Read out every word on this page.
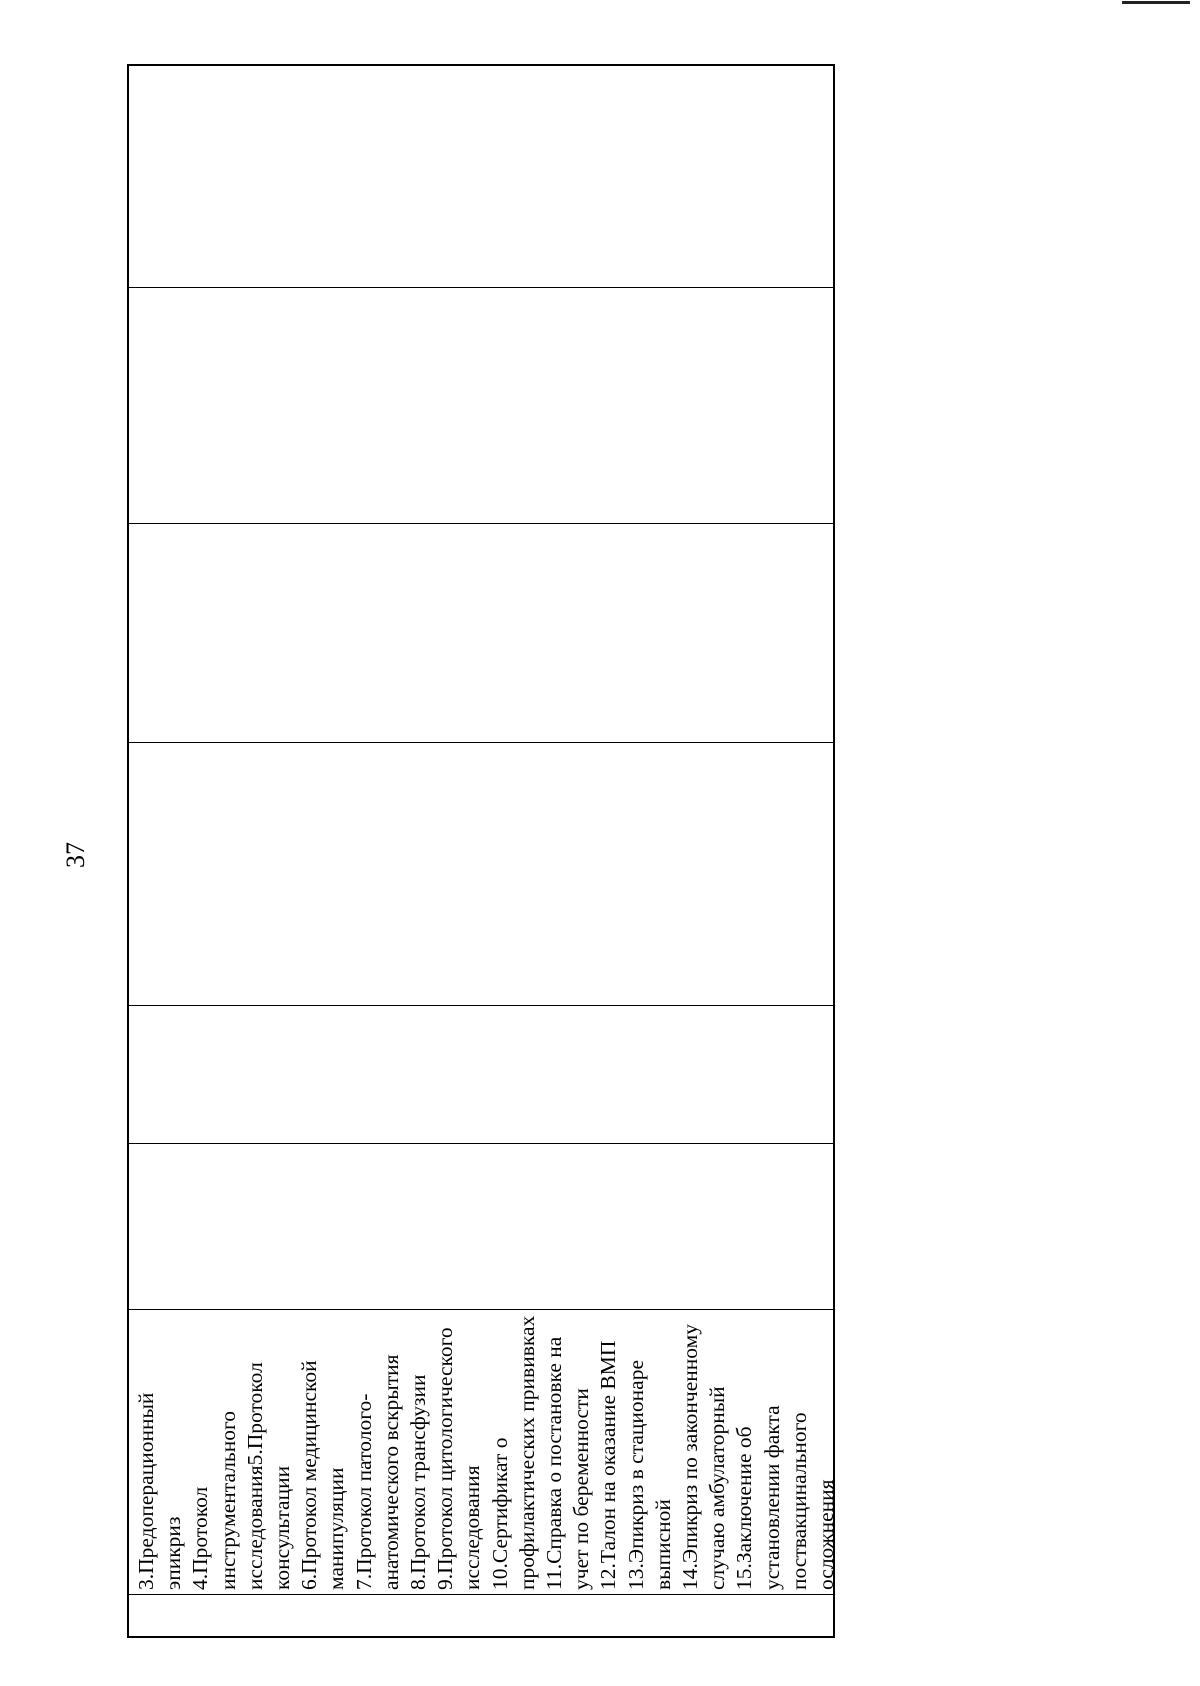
37
3.Предоперационный эпикриз 4.Протокол инструментального исследования5.Протокол консультации 6.Протокол медицинской манипуляции 7.Протокол патолого- анатомического вскрытия 8.Протокол трансфузии 9.Протокол цитологического исследования 10.Сертификат о профилактических прививках 11.Справка о постановке на учет по беременности 12.Талон на оказание ВМП 13.Эпикриз в стационаре выписной 14.Эпикриз по законченному случаю амбулаторный 15.Заключение об установлении факта поствакцинального осложнения
